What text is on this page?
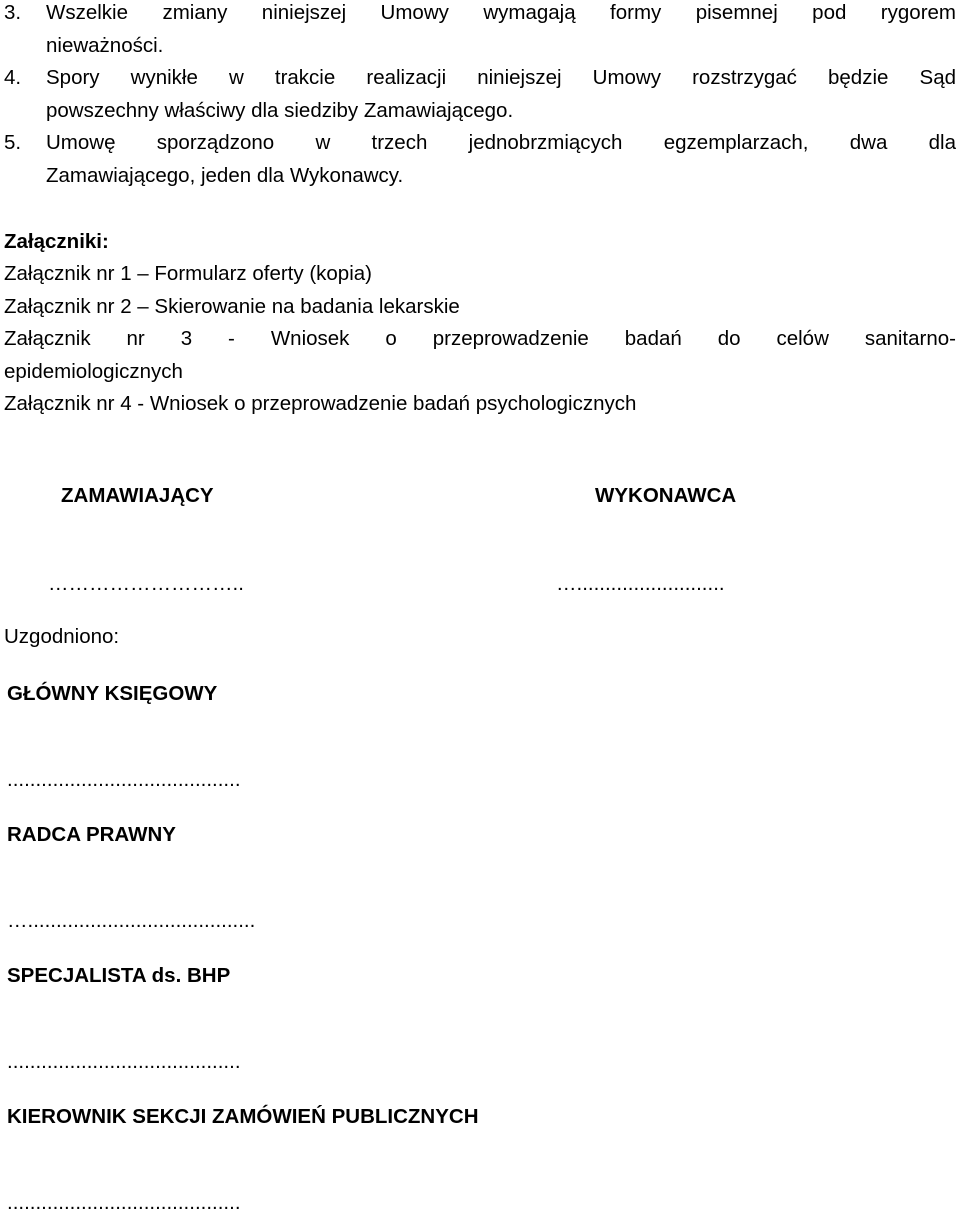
3. Wszelkie zmiany niniejszej Umowy wymagają formy pisemnej pod rygorem
nieważności.
4. Spory wynikłe w trakcie realizacji niniejszej Umowy rozstrzygać będzie Sąd
powszechny właściwy dla siedziby Zamawiającego.
5. Umowę sporządzono w trzech jednobrzmiących egzemplarzach, dwa dla
Zamawiającego, jeden dla Wykonawcy.
Załączniki:
Załącznik nr 1 – Formularz oferty (kopia)
Załącznik nr 2 – Skierowanie na badania lekarskie
Załącznik nr 3 - Wniosek o przeprowadzenie badań do celów sanitarno-
epidemiologicznych
Załącznik nr 4 - Wniosek o przeprowadzenie badań psychologicznych
ZAMAWIAJĄCY	WYKONAWCA
………………………..	…..........................
Uzgodniono:
GŁÓWNY KSIĘGOWY
.........................................
RADCA PRAWNY
…........................................
SPECJALISTA ds. BHP
.........................................
KIEROWNIK SEKCJI ZAMÓWIEŃ PUBLICZNYCH
.........................................
